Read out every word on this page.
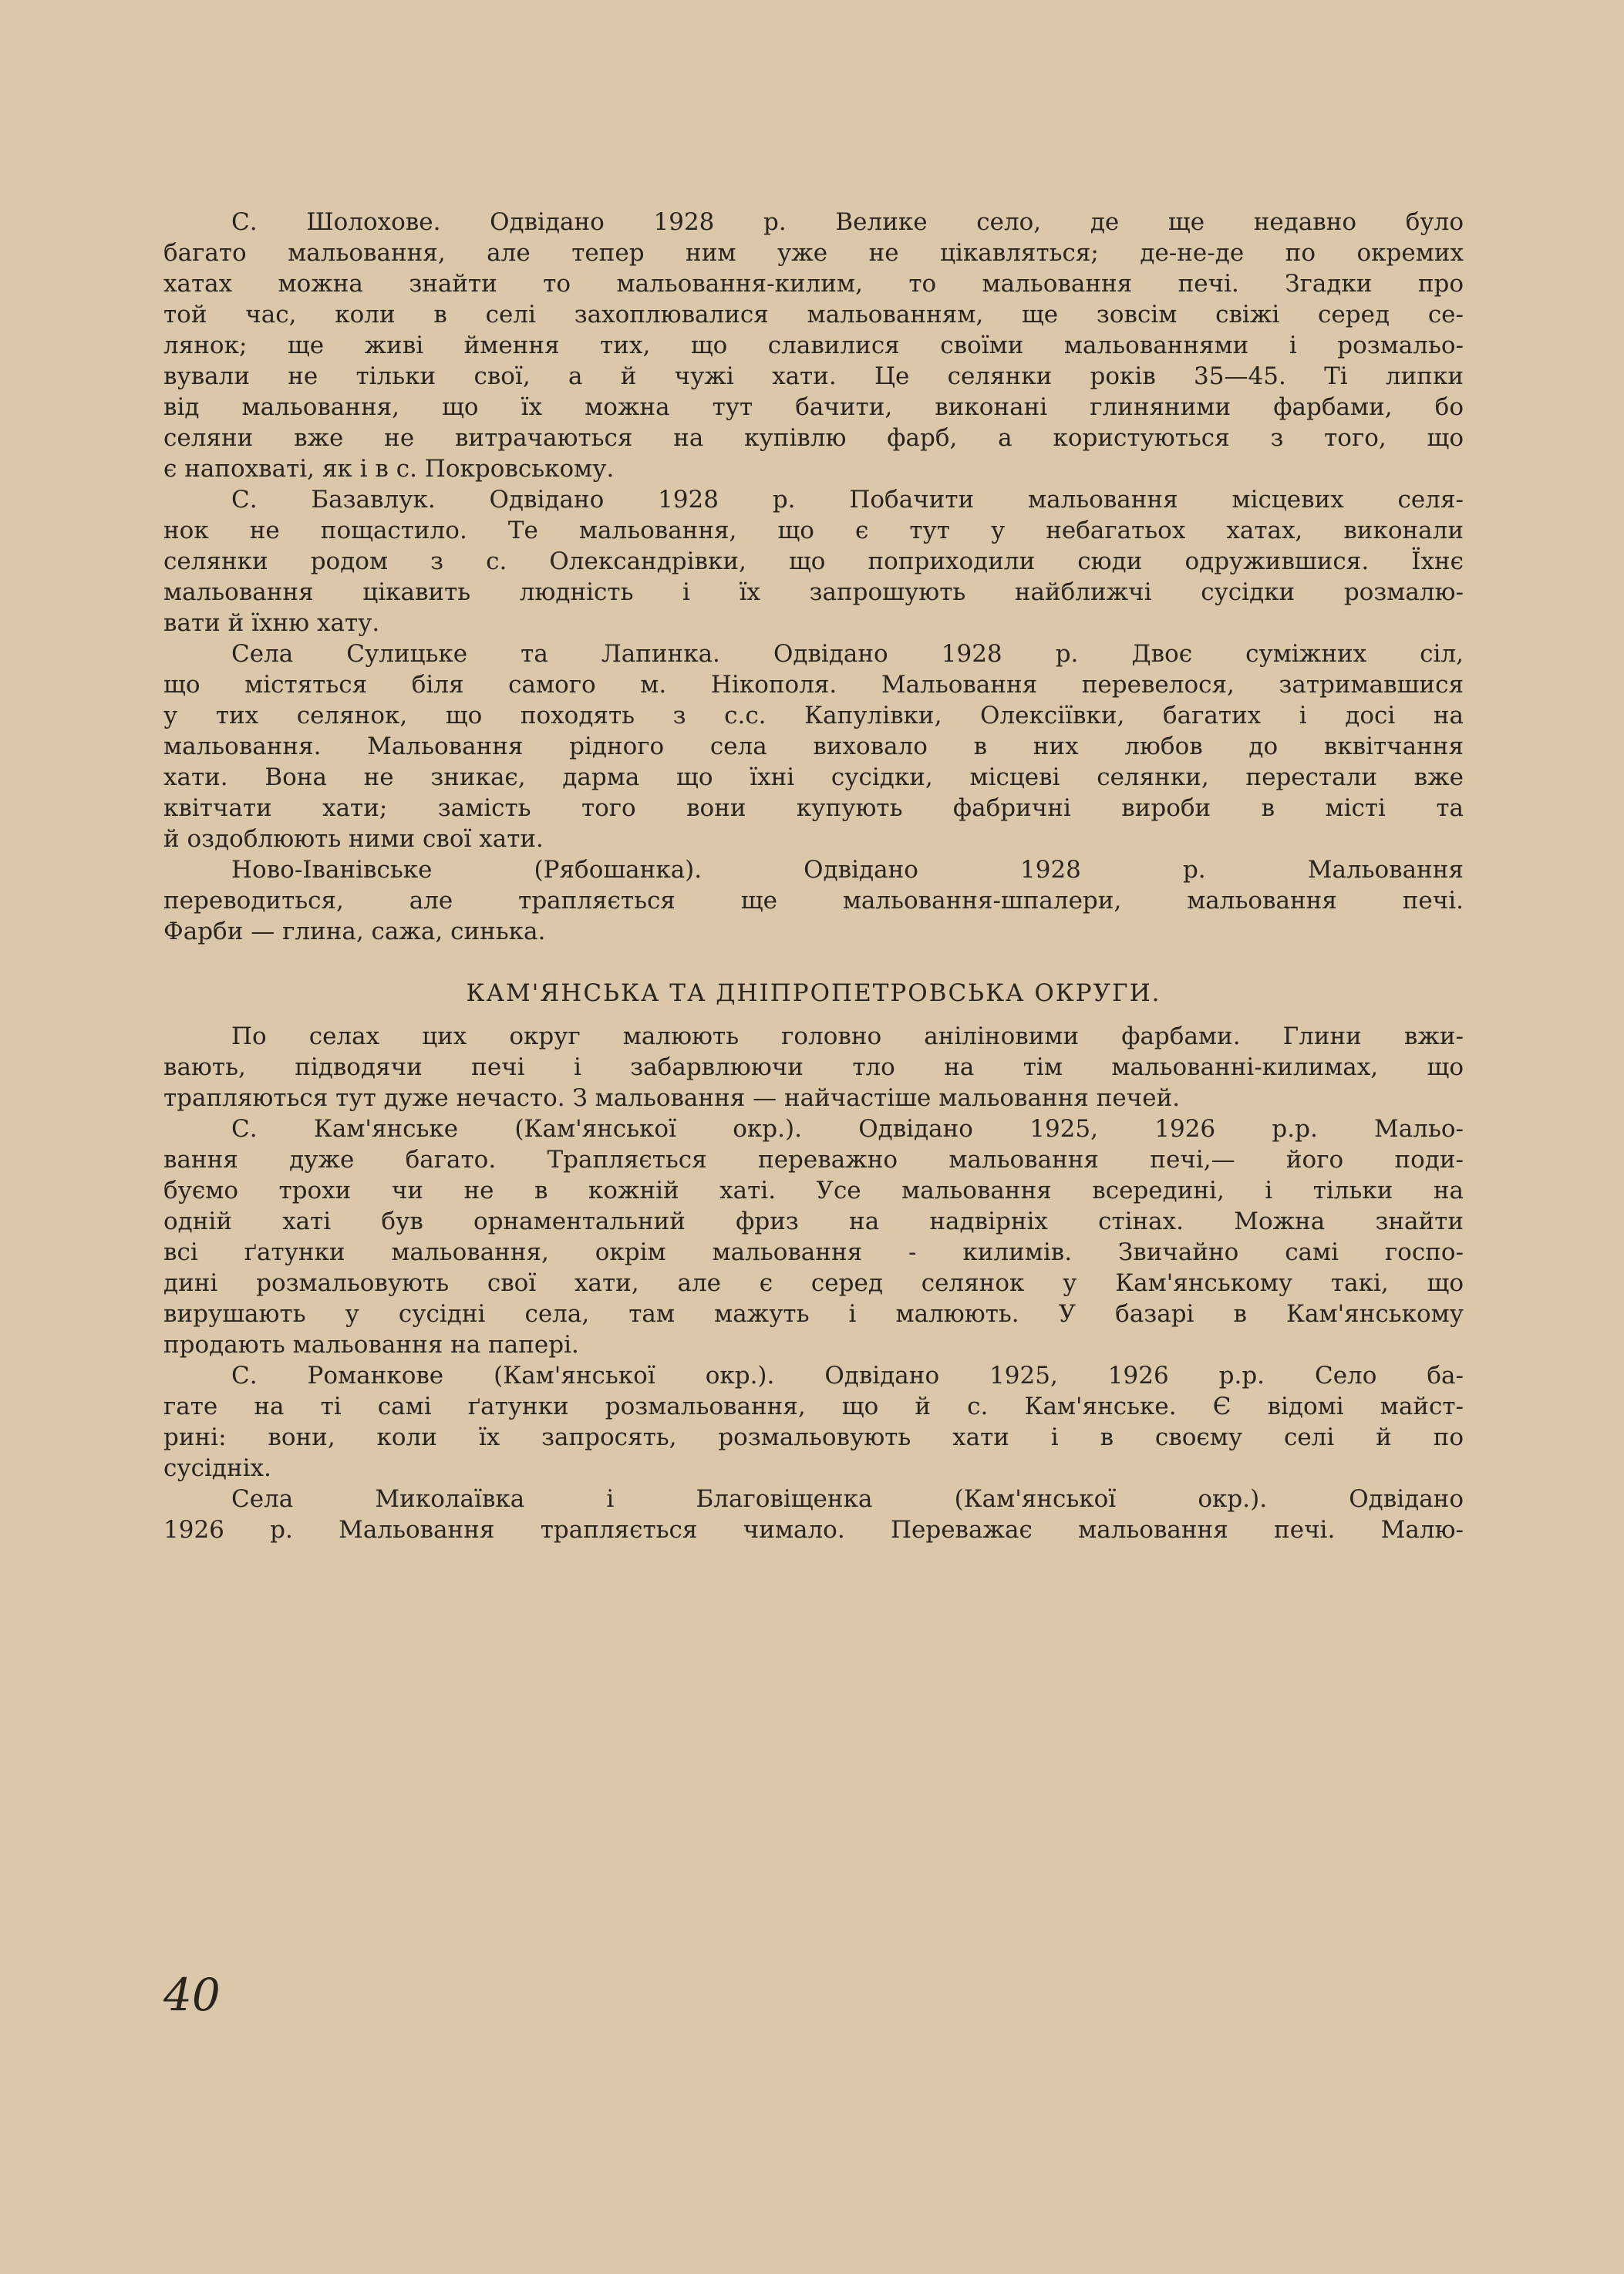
С. Шолохове. Одвідано 1928 р. Велике село, де ще недавно було
багато мальовання, але тепер ним уже не цікавляться; де-не-де по окремих
хатах можна знайти то мальовання-килим, то мальовання печі. Згадки про
той час, коли в селі захоплювалися мальованням, ще зовсім свіжі серед се-
лянок; ще живі ймення тих, що славилися своїми мальованнями і розмальо-
вували не тільки свої, а й чужі хати. Це селянки років 35—45. Ті липки
від мальовання, що їх можна тут бачити, виконані глиняними фарбами, бо
селяни вже не витрачаються на купівлю фарб, а користуються з того, що
є напохваті, як і в с. Покровському.
С. Базавлук. Одвідано 1928 р. Побачити мальовання місцевих селя-
нок не пощастило. Те мальовання, що є тут у небагатьох хатах, виконали
селянки родом з с. Олександрівки, що поприходили сюди одружившися. Їхнє
мальовання цікавить людність і їх запрошують найближчі сусідки розмалю-
вати й їхню хату.
Села Сулицьке та Лапинка. Одвідано 1928 р. Двоє суміжних сіл,
що містяться біля самого м. Нікополя. Мальовання перевелося, затримавшися
у тих селянок, що походять з с.с. Капулівки, Олексіївки, багатих і досі на
мальовання. Мальовання рідного села виховало в них любов до вквітчання
хати. Вона не зникає, дарма що їхні сусідки, місцеві селянки, перестали вже
квітчати хати; замість того вони купують фабричні вироби в місті та
й оздоблюють ними свої хати.
Ново-Іванівське (Рябошанка). Одвідано 1928 р. Мальовання
переводиться, але трапляється ще мальовання-шпалери, мальовання печі.
Фарби — глина, сажа, синька.
КАМ'ЯНСЬКА ТА ДНІПРОПЕТРОВСЬКА ОКРУГИ.
По селах цих округ малюють головно аніліновими фарбами. Глини вжи-
вають, підводячи печі і забарвлюючи тло на тім мальованні-килимах, що
трапляються тут дуже нечасто. З мальовання — найчастіше мальовання печей.
С. Кам'янське (Кам'янської окр.). Одвідано 1925, 1926 р.р. Мальо-
вання дуже багато. Трапляється переважно мальовання печі,— його поди-
буємо трохи чи не в кожній хаті. Усе мальовання всередині, і тільки на
одній хаті був орнаментальний фриз на надвірніх стінах. Можна знайти
всі ґатунки мальовання, окрім мальовання - килимів. Звичайно самі госпо-
дині розмальовують свої хати, але є серед селянок у Кам'янському такі, що
вирушають у сусідні села, там мажуть і малюють. У базарі в Кам'янському
продають мальовання на папері.
С. Романкове (Кам'янської окр.). Одвідано 1925, 1926 р.р. Село ба-
гате на ті самі ґатунки розмальовання, що й с. Кам'янське. Є відомі майст-
рині: вони, коли їх запросять, розмальовують хати і в своєму селі й по
сусідніх.
Села Миколаївка і Благовіщенка (Кам'янської окр.). Одвідано
1926 р. Мальовання трапляється чимало. Переважає мальовання печі. Малю-
40
